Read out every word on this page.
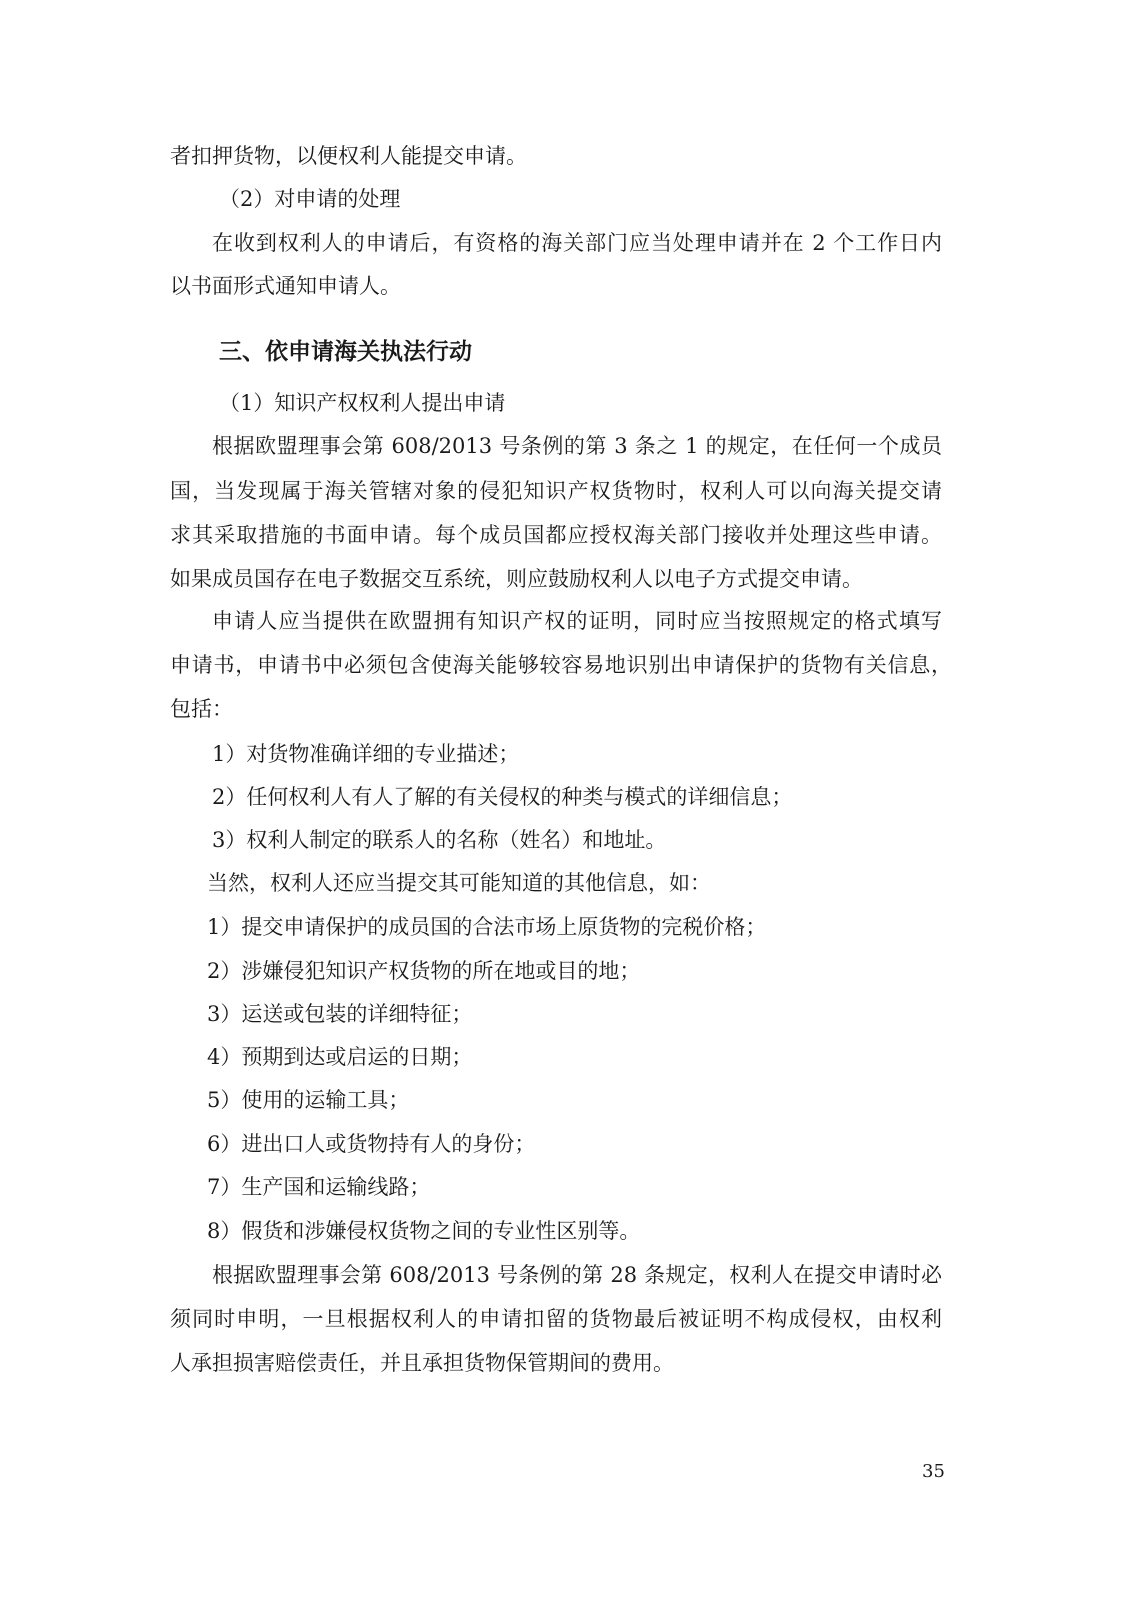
者扣押货物，以便权利人能提交申请。
（2）对申请的处理
在收到权利人的申请后，有资格的海关部门应当处理申请并在 2 个工作日内
以书面形式通知申请人。
三、依申请海关执法行动
（1）知识产权权利人提出申请
根据欧盟理事会第 608/2013 号条例的第 3 条之 1 的规定，在任何一个成员
国，当发现属于海关管辖对象的侵犯知识产权货物时，权利人可以向海关提交请
求其采取措施的书面申请。每个成员国都应授权海关部门接收并处理这些申请。
如果成员国存在电子数据交互系统，则应鼓励权利人以电子方式提交申请。
申请人应当提供在欧盟拥有知识产权的证明，同时应当按照规定的格式填写
申请书，申请书中必须包含使海关能够较容易地识别出申请保护的货物有关信息，
包括：
1）对货物准确详细的专业描述；
2）任何权利人有人了解的有关侵权的种类与模式的详细信息；
3）权利人制定的联系人的名称（姓名）和地址。
当然，权利人还应当提交其可能知道的其他信息，如：
1）提交申请保护的成员国的合法市场上原货物的完税价格；
2）涉嫌侵犯知识产权货物的所在地或目的地；
3）运送或包装的详细特征；
4）预期到达或启运的日期；
5）使用的运输工具；
6）进出口人或货物持有人的身份；
7）生产国和运输线路；
8）假货和涉嫌侵权货物之间的专业性区别等。
根据欧盟理事会第 608/2013 号条例的第 28 条规定，权利人在提交申请时必
须同时申明，一旦根据权利人的申请扣留的货物最后被证明不构成侵权，由权利
人承担损害赔偿责任，并且承担货物保管期间的费用。
35
